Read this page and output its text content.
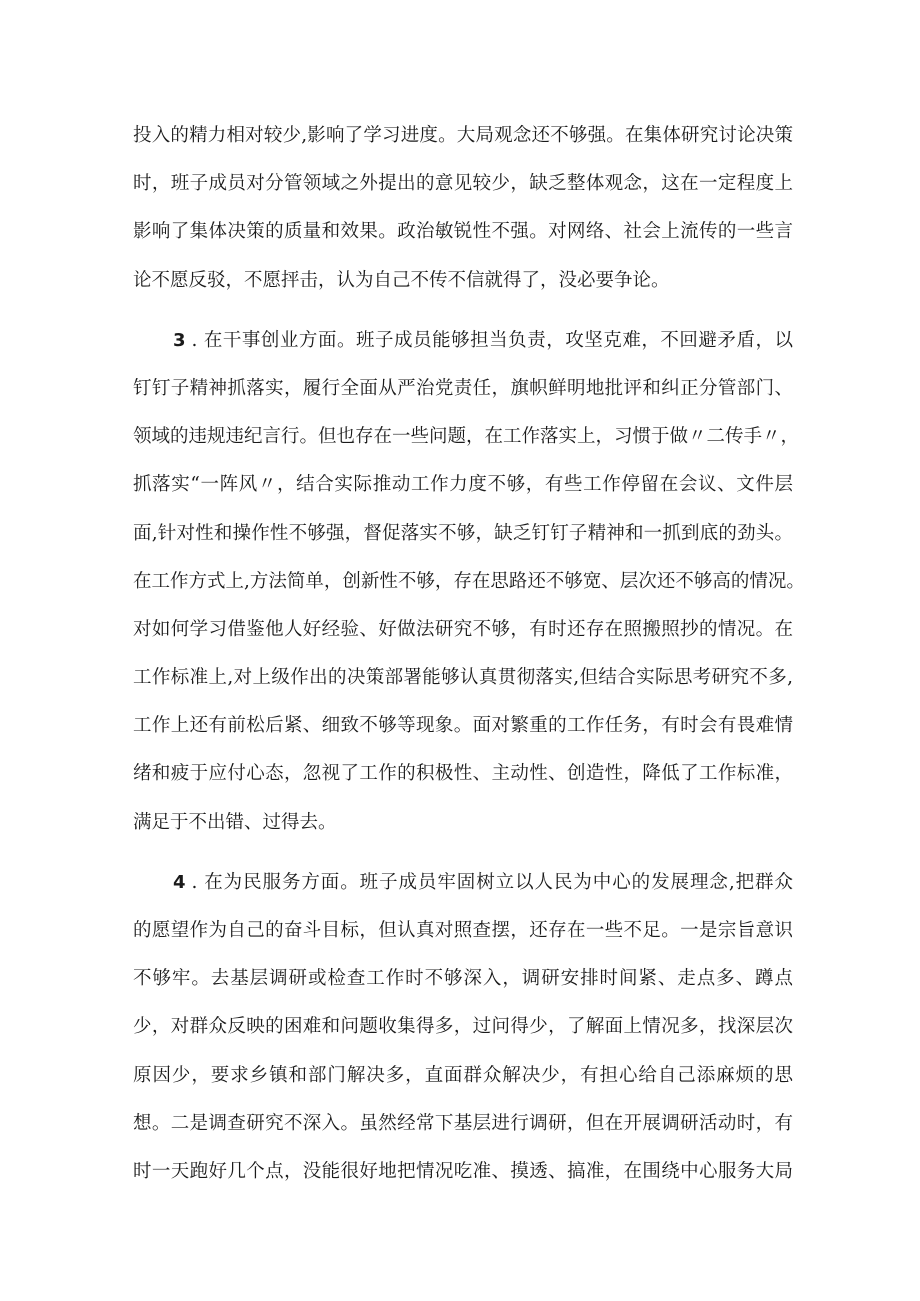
投入的精力相对较少,影响了学习进度。大局观念还不够强。在集体研究讨论决策
时，班子成员对分管领域之外提出的意见较少，缺乏整体观念，这在一定程度上
影响了集体决策的质量和效果。政治敏锐性不强。对网络、社会上流传的一些言
论不愿反驳，不愿抨击，认为自己不传不信就得了，没必要争论。
3 . 在干事创业方面。班子成员能够担当负责，攻坚克难，不回避矛盾，以
钉钉子精神抓落实，履行全面从严治党责任，旗帜鲜明地批评和纠正分管部门、
领域的违规违纪言行。但也存在一些问题，在工作落实上，习惯于做〃二传手〃，
抓落实“一阵风〃，结合实际推动工作力度不够，有些工作停留在会议、文件层
面,针对性和操作性不够强，督促落实不够，缺乏钉钉子精神和一抓到底的劲头。
在工作方式上,方法简单，创新性不够，存在思路还不够宽、层次还不够高的情况。
对如何学习借鉴他人好经验、好做法研究不够，有时还存在照搬照抄的情况。在
工作标准上,对上级作出的决策部署能够认真贯彻落实,但结合实际思考研究不多,
工作上还有前松后紧、细致不够等现象。面对繁重的工作任务，有时会有畏难情
绪和疲于应付心态，忽视了工作的积极性、主动性、创造性，降低了工作标准，
满足于不出错、过得去。
4 . 在为民服务方面。班子成员牢固树立以人民为中心的发展理念,把群众
的愿望作为自己的奋斗目标，但认真对照查摆，还存在一些不足。一是宗旨意识
不够牢。去基层调研或检查工作时不够深入，调研安排时间紧、走点多、蹲点
少，对群众反映的困难和问题收集得多，过问得少，了解面上情况多，找深层次
原因少，要求乡镇和部门解决多，直面群众解决少，有担心给自己添麻烦的思
想。二是调查研究不深入。虽然经常下基层进行调研，但在开展调研活动时，有
时一天跑好几个点，没能很好地把情况吃准、摸透、搞准，在围绕中心服务大局
